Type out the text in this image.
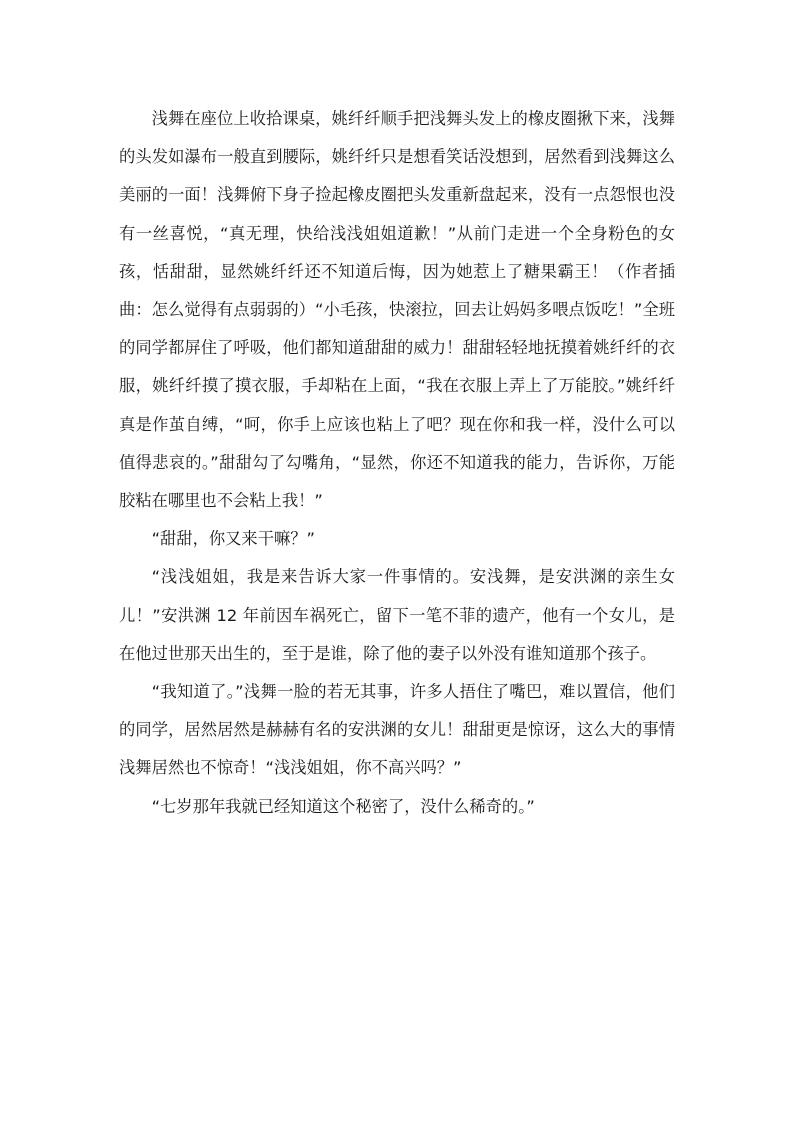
浅舞在座位上收拾课桌，姚纤纤顺手把浅舞头发上的橡皮圈揪下来，浅舞的头发如瀑布一般直到腰际，姚纤纤只是想看笑话没想到，居然看到浅舞这么美丽的一面！浅舞俯下身子捡起橡皮圈把头发重新盘起来，没有一点怨恨也没有一丝喜悦，“真无理，快给浅浅姐姐道歉！”从前门走进一个全身粉色的女孩，恬甜甜，显然姚纤纤还不知道后悔，因为她惹上了糖果霸王！（作者插曲：怎么觉得有点弱弱的）“小毛孩，快滚拉，回去让妈妈多喂点饭吃！”全班的同学都屏住了呼吸，他们都知道甜甜的威力！甜甜轻轻地抚摸着姚纤纤的衣服，姚纤纤摸了摸衣服，手却粘在上面，“我在衣服上弄上了万能胶。”姚纤纤真是作茧自缚，“呵，你手上应该也粘上了吧？现在你和我一样，没什么可以值得悲哀的。”甜甜勾了勾嘴角，“显然，你还不知道我的能力，告诉你，万能胶粘在哪里也不会粘上我！”

“甜甜，你又来干嘛？”

“浅浅姐姐，我是来告诉大家一件事情的。安浅舞，是安洪渊的亲生女儿！”安洪渊 12 年前因车祸死亡，留下一笔不菲的遗产，他有一个女儿，是在他过世那天出生的，至于是谁，除了他的妻子以外没有谁知道那个孩子。

“我知道了。”浅舞一脸的若无其事，许多人捂住了嘴巴，难以置信，他们的同学，居然居然是赫赫有名的安洪渊的女儿！甜甜更是惊讶，这么大的事情浅舞居然也不惊奇！“浅浅姐姐，你不高兴吗？”

“七岁那年我就已经知道这个秘密了，没什么稀奇的。”
